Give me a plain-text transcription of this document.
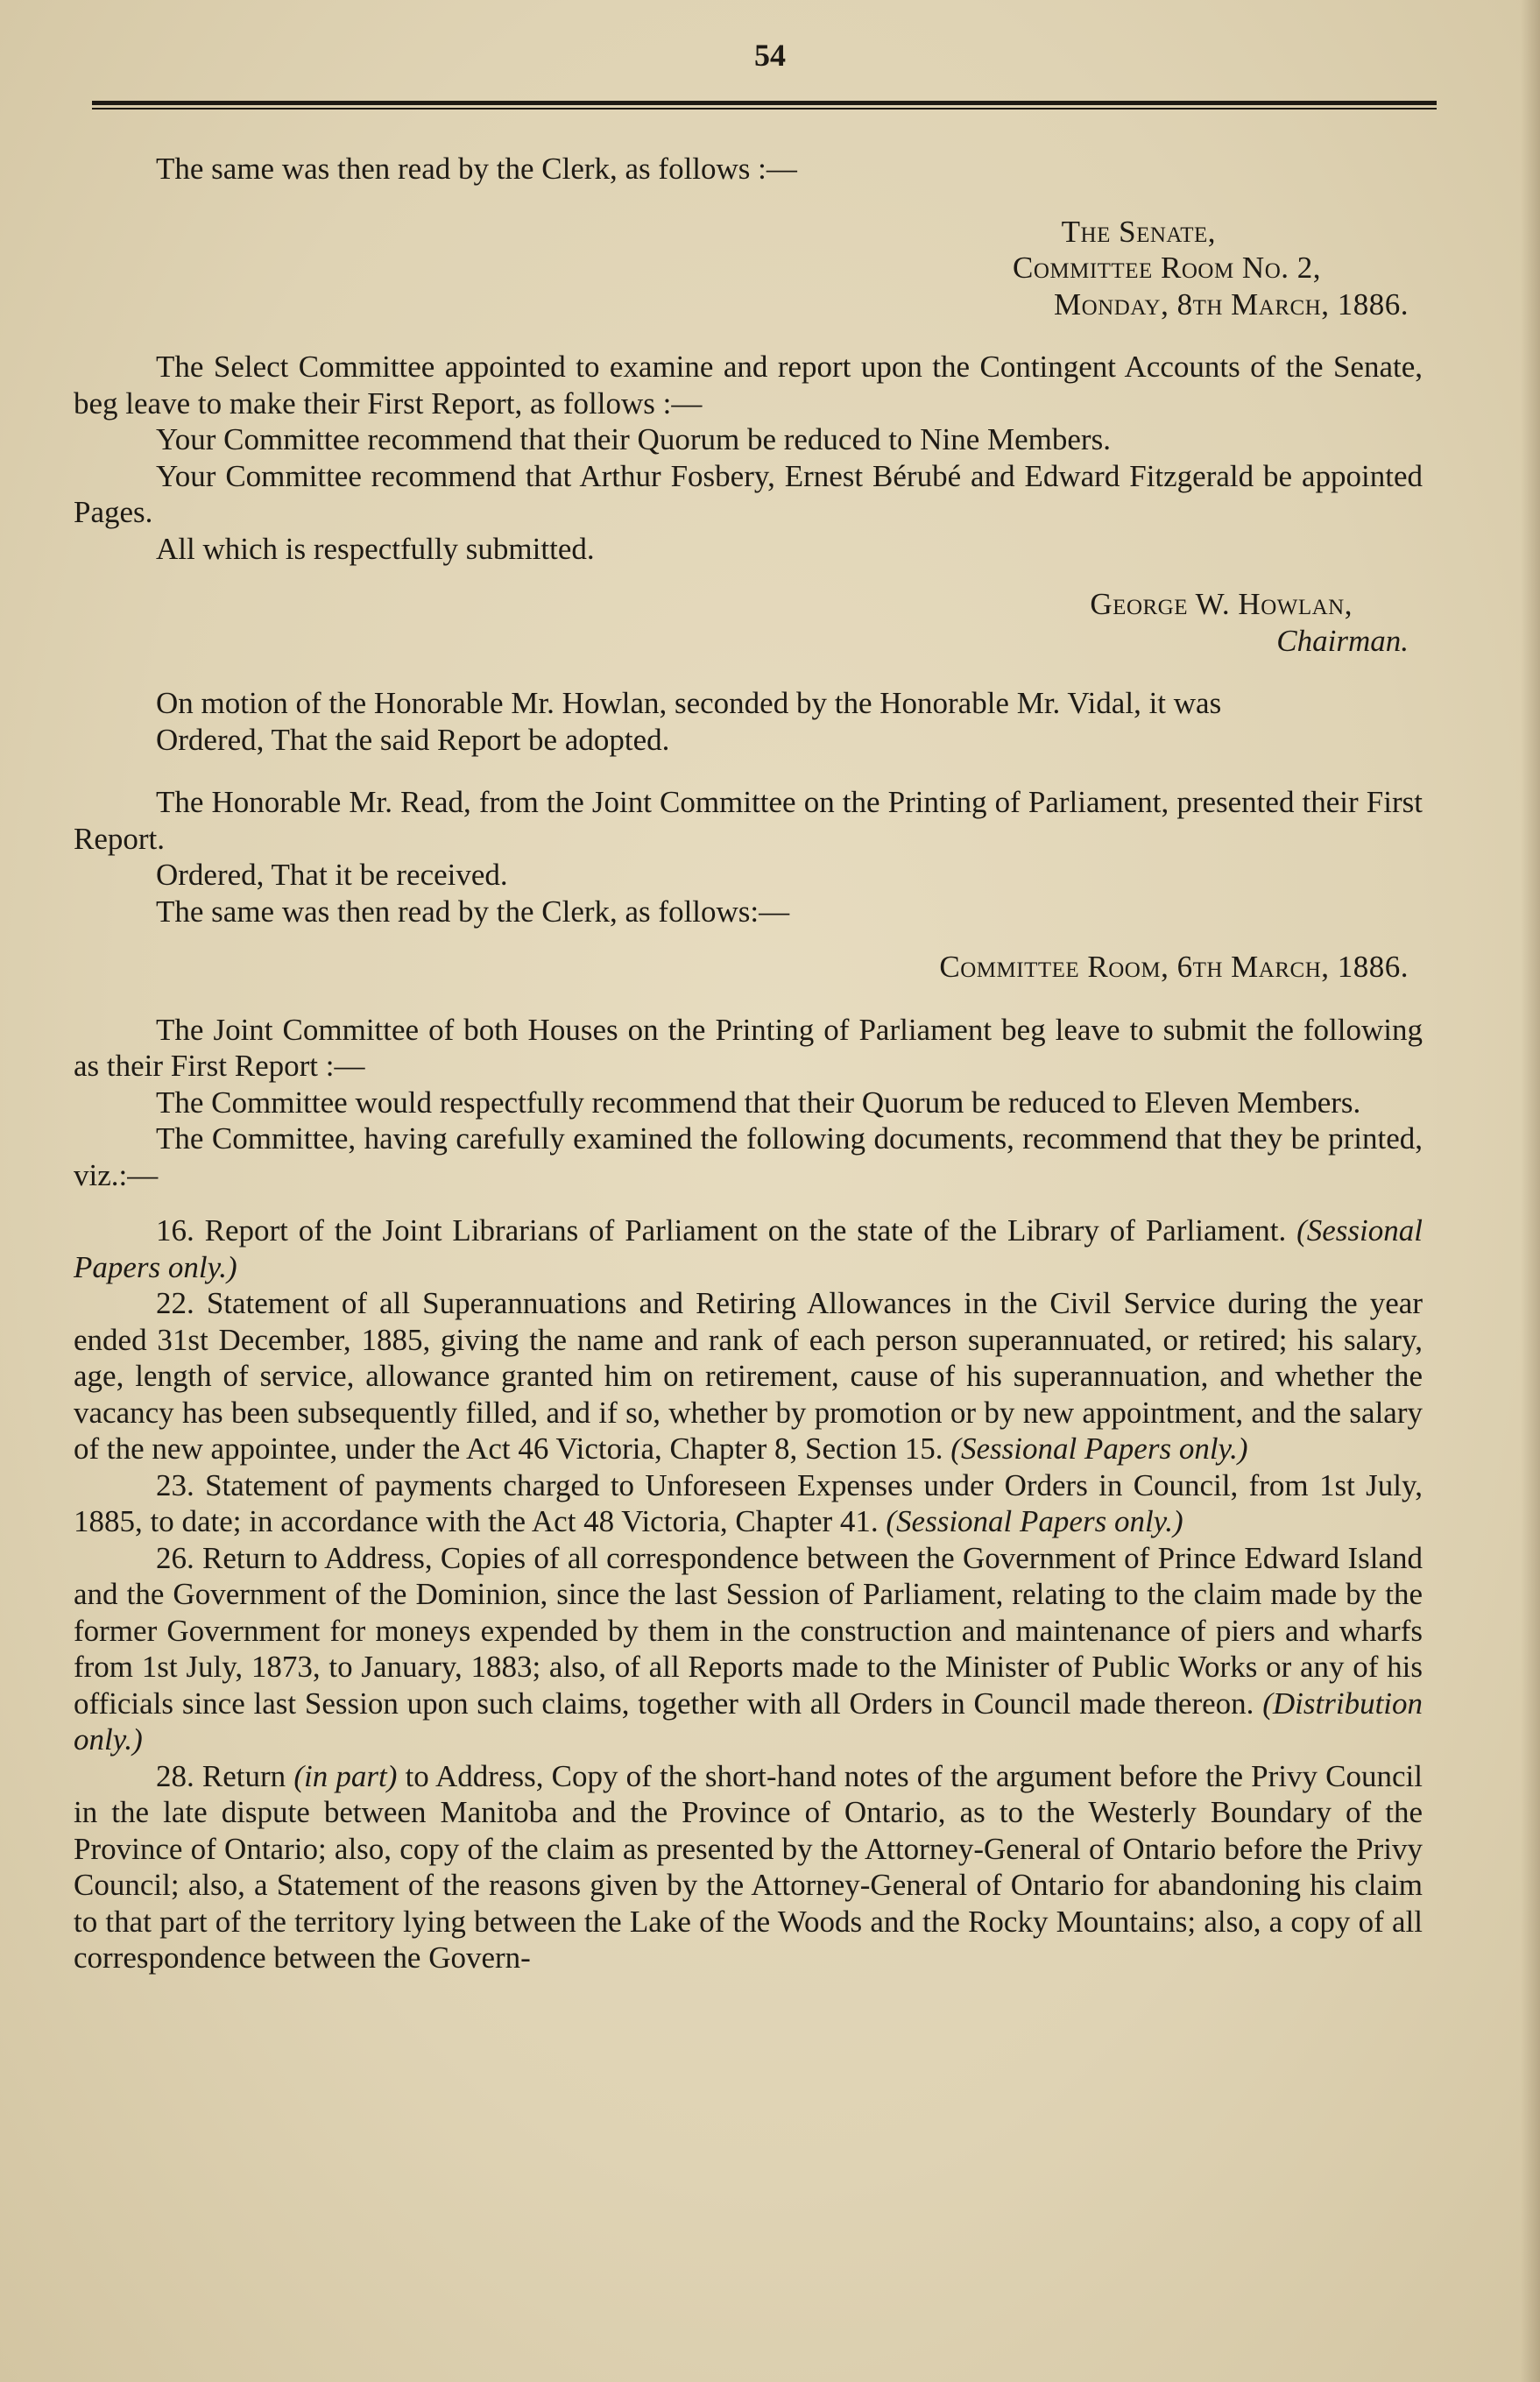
54

The same was then read by the Clerk, as follows :—

The Senate,

Committee Room No. 2,

Monday, 8th March, 1886.

The Select Committee appointed to examine and report upon the Contingent Accounts of the Senate, beg leave to make their First Report, as follows :—

Your Committee recommend that their Quorum be reduced to Nine Members.

Your Committee recommend that Arthur Fosbery, Ernest Bérubé and Edward Fitzgerald be appointed Pages.

All which is respectfully submitted.

George W. Howlan,

Chairman.

On motion of the Honorable Mr. Howlan, seconded by the Honorable Mr. Vidal, it was

Ordered, That the said Report be adopted.

The Honorable Mr. Read, from the Joint Committee on the Printing of Parliament, presented their First Report.

Ordered, That it be received.

The same was then read by the Clerk, as follows:—

Committee Room, 6th March, 1886.

The Joint Committee of both Houses on the Printing of Parliament beg leave to submit the following as their First Report :—

The Committee would respectfully recommend that their Quorum be reduced to Eleven Members.

The Committee, having carefully examined the following documents, recommend that they be printed, viz.:—

16. Report of the Joint Librarians of Parliament on the state of the Library of Parliament. (Sessional Papers only.)

22. Statement of all Superannuations and Retiring Allowances in the Civil Service during the year ended 31st December, 1885, giving the name and rank of each person superannuated, or retired; his salary, age, length of service, allowance granted him on retirement, cause of his superannuation, and whether the vacancy has been subsequently filled, and if so, whether by promotion or by new appointment, and the salary of the new appointee, under the Act 46 Victoria, Chapter 8, Section 15. (Sessional Papers only.)

23. Statement of payments charged to Unforeseen Expenses under Orders in Council, from 1st July, 1885, to date; in accordance with the Act 48 Victoria, Chapter 41. (Sessional Papers only.)

26. Return to Address, Copies of all correspondence between the Government of Prince Edward Island and the Government of the Dominion, since the last Session of Parliament, relating to the claim made by the former Government for moneys expended by them in the construction and maintenance of piers and wharfs from 1st July, 1873, to January, 1883; also, of all Reports made to the Minister of Public Works or any of his officials since last Session upon such claims, together with all Orders in Council made thereon. (Distribution only.)

28. Return (in part) to Address, Copy of the short-hand notes of the argument before the Privy Council in the late dispute between Manitoba and the Province of Ontario, as to the Westerly Boundary of the Province of Ontario; also, copy of the claim as presented by the Attorney-General of Ontario before the Privy Council; also, a Statement of the reasons given by the Attorney-General of Ontario for abandoning his claim to that part of the territory lying between the Lake of the Woods and the Rocky Mountains; also, a copy of all correspondence between the Govern-
